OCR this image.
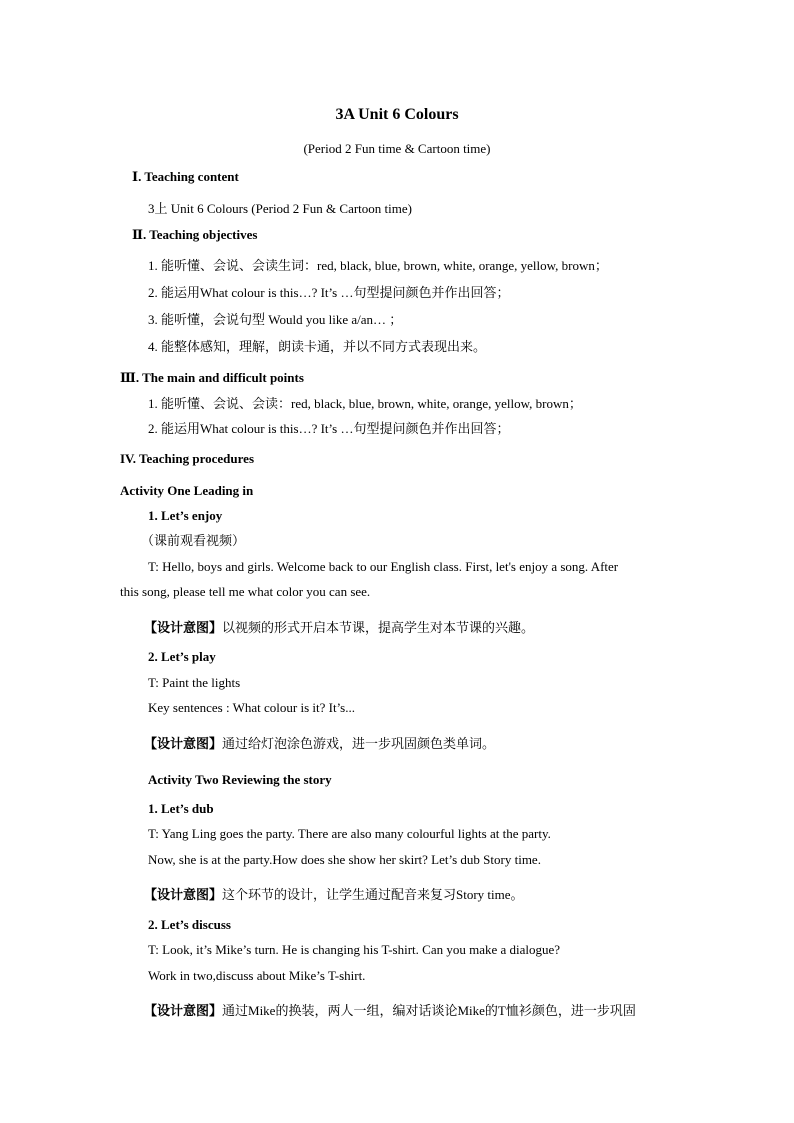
3A Unit 6 Colours
(Period 2 Fun time & Cartoon time)
Ⅰ. Teaching content
3上 Unit 6 Colours (Period 2 Fun & Cartoon time)
Ⅱ. Teaching objectives
1. 能听懂、会说、会读生词：red, black, blue, brown, white, orange, yellow, brown；
2. 能运用What colour is this…? It’s …句型提问颜色并作出回答；
3. 能听懂，会说句型 Would you like a/an… ；
4. 能整体感知，理解，朗读卡通，并以不同方式表现出来。
Ⅲ. The main and difficult points
1. 能听懂、会说、会读：red, black, blue, brown, white, orange, yellow, brown；
2. 能运用What colour is this…? It’s …句型提问颜色并作出回答；
IV. Teaching procedures
Activity One Leading in
1. Let’s enjoy
（课前观看视频）
T: Hello, boys and girls. Welcome back to our English class. First, let's enjoy a song. After
this song, please tell me what color you can see.
【设计意图】以视频的形式开启本节课，提高学生对本节课的兴趣。
2. Let’s play
T: Paint the lights
Key sentences : What colour is it? It’s...
【设计意图】通过给灯泡涂色游戏，进一步巩固颜色类单词。
Activity Two Reviewing the story
1. Let’s dub
T: Yang Ling goes the party. There are also many colourful lights at the party.
Now, she is at the party.How does she show her skirt? Let’s dub Story time.
【设计意图】这个环节的设计，让学生通过配音来复习Story time。
2. Let’s discuss
T: Look, it’s Mike’s turn. He is changing his T-shirt. Can you make a dialogue?
Work in two,discuss about Mike’s T-shirt.
【设计意图】通过Mike的换装，两人一组，编对话谈论Mike的T恤衫颜色，进一步巩固
